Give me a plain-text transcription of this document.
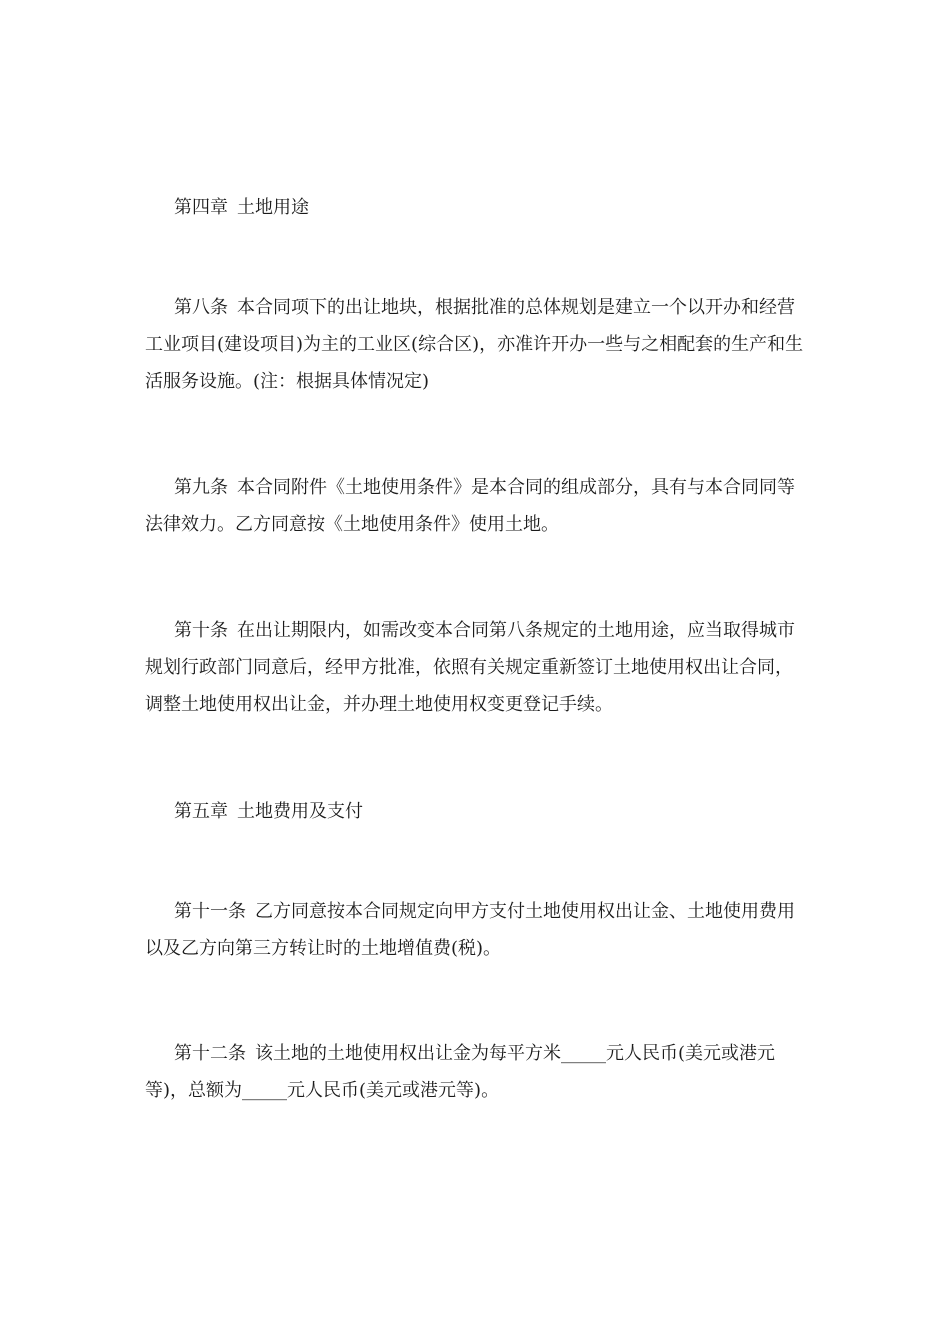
第四章 土地用途

第八条 本合同项下的出让地块，根据批准的总体规划是建立一个以开办和经营工业项目(建设项目)为主的工业区(综合区)，亦准许开办一些与之相配套的生产和生活服务设施。(注：根据具体情况定)

第九条 本合同附件《土地使用条件》是本合同的组成部分，具有与本合同同等法律效力。乙方同意按《土地使用条件》使用土地。

第十条 在出让期限内，如需改变本合同第八条规定的土地用途，应当取得城市规划行政部门同意后，经甲方批准，依照有关规定重新签订土地使用权出让合同，调整土地使用权出让金，并办理土地使用权变更登记手续。

第五章 土地费用及支付

第十一条 乙方同意按本合同规定向甲方支付土地使用权出让金、土地使用费用以及乙方向第三方转让时的土地增值费(税)。

第十二条 该土地的土地使用权出让金为每平方米_____元人民币(美元或港元等)，总额为_____元人民币(美元或港元等)。
